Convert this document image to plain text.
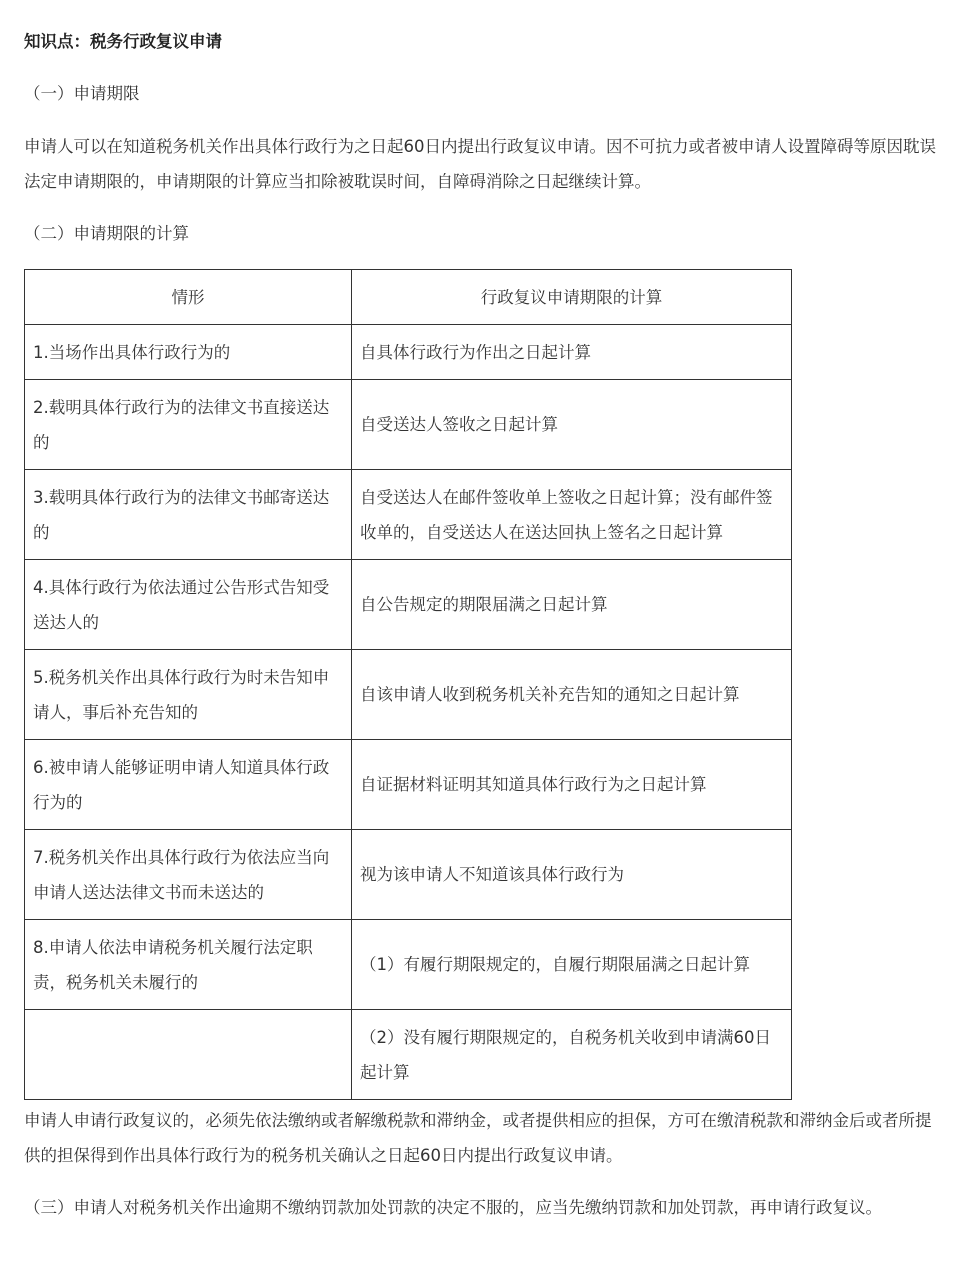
知识点：税务行政复议申请

（一）申请期限

申请人可以在知道税务机关作出具体行政行为之日起60日内提出行政复议申请。因不可抗力或者被申请人设置障碍等原因耽误法定申请期限的，申请期限的计算应当扣除被耽误时间，自障碍消除之日起继续计算。

（二）申请期限的计算

情形	行政复议申请期限的计算
1.当场作出具体行政行为的	自具体行政行为作出之日起计算
2.载明具体行政行为的法律文书直接送达的	自受送达人签收之日起计算
3.载明具体行政行为的法律文书邮寄送达的	自受送达人在邮件签收单上签收之日起计算；没有邮件签收单的，自受送达人在送达回执上签名之日起计算
4.具体行政行为依法通过公告形式告知受送达人的	自公告规定的期限届满之日起计算
5.税务机关作出具体行政行为时未告知申请人，事后补充告知的	自该申请人收到税务机关补充告知的通知之日起计算
6.被申请人能够证明申请人知道具体行政行为的	自证据材料证明其知道具体行政行为之日起计算
7.税务机关作出具体行政行为依法应当向申请人送达法律文书而未送达的	视为该申请人不知道该具体行政行为
8.申请人依法申请税务机关履行法定职责，税务机关未履行的	（1）有履行期限规定的，自履行期限届满之日起计算
	（2）没有履行期限规定的，自税务机关收到申请满60日起计算

申请人申请行政复议的，必须先依法缴纳或者解缴税款和滞纳金，或者提供相应的担保，方可在缴清税款和滞纳金后或者所提供的担保得到作出具体行政行为的税务机关确认之日起60日内提出行政复议申请。

（三）申请人对税务机关作出逾期不缴纳罚款加处罚款的决定不服的，应当先缴纳罚款和加处罚款，再申请行政复议。
